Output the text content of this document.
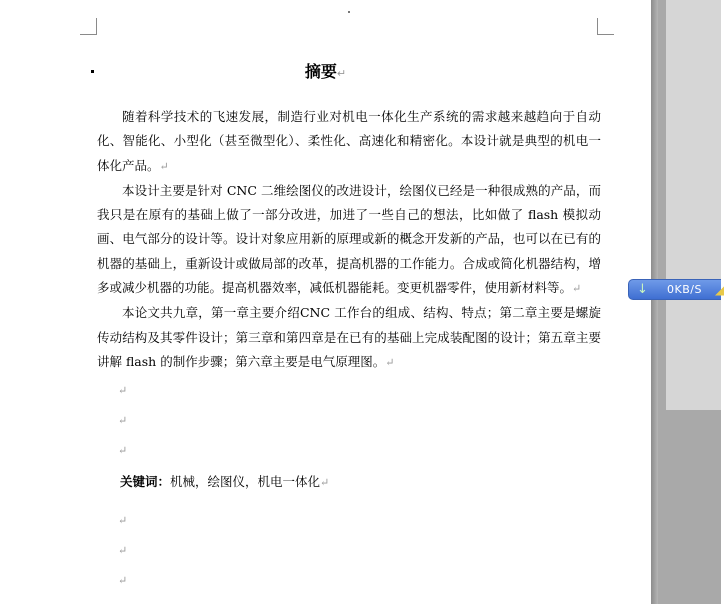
摘要↵

随着科学技术的飞速发展，制造行业对机电一体化生产系统的需求越来越趋向于自动化、智能化、小型化（甚至微型化）、柔性化、高速化和精密化。本设计就是典型的机电一体化产品。↵

本设计主要是针对 CNC 二维绘图仪的改进设计，绘图仪已经是一种很成熟的产品，而我只是在原有的基础上做了一部分改进，加进了一些自己的想法，比如做了 flash 模拟动画、电气部分的设计等。设计对象应用新的原理或新的概念开发新的产品，也可以在已有的机器的基础上，重新设计或做局部的改革，提高机器的工作能力。合成或简化机器结构，增多或减少机器的功能。提高机器效率，减低机器能耗。变更机器零件，使用新材料等。↵

本论文共九章，第一章主要介绍CNC 工作台的组成、结构、特点；第二章主要是螺旋传动结构及其零件设计；第三章和第四章是在已有的基础上完成装配图的设计；第五章主要讲解 flash 的制作步骤；第六章主要是电气原理图。↵

↵
↵
↵
关键词：机械，绘图仪，机电一体化↵
↵
↵
↵
↓ 0KB/S ◢
